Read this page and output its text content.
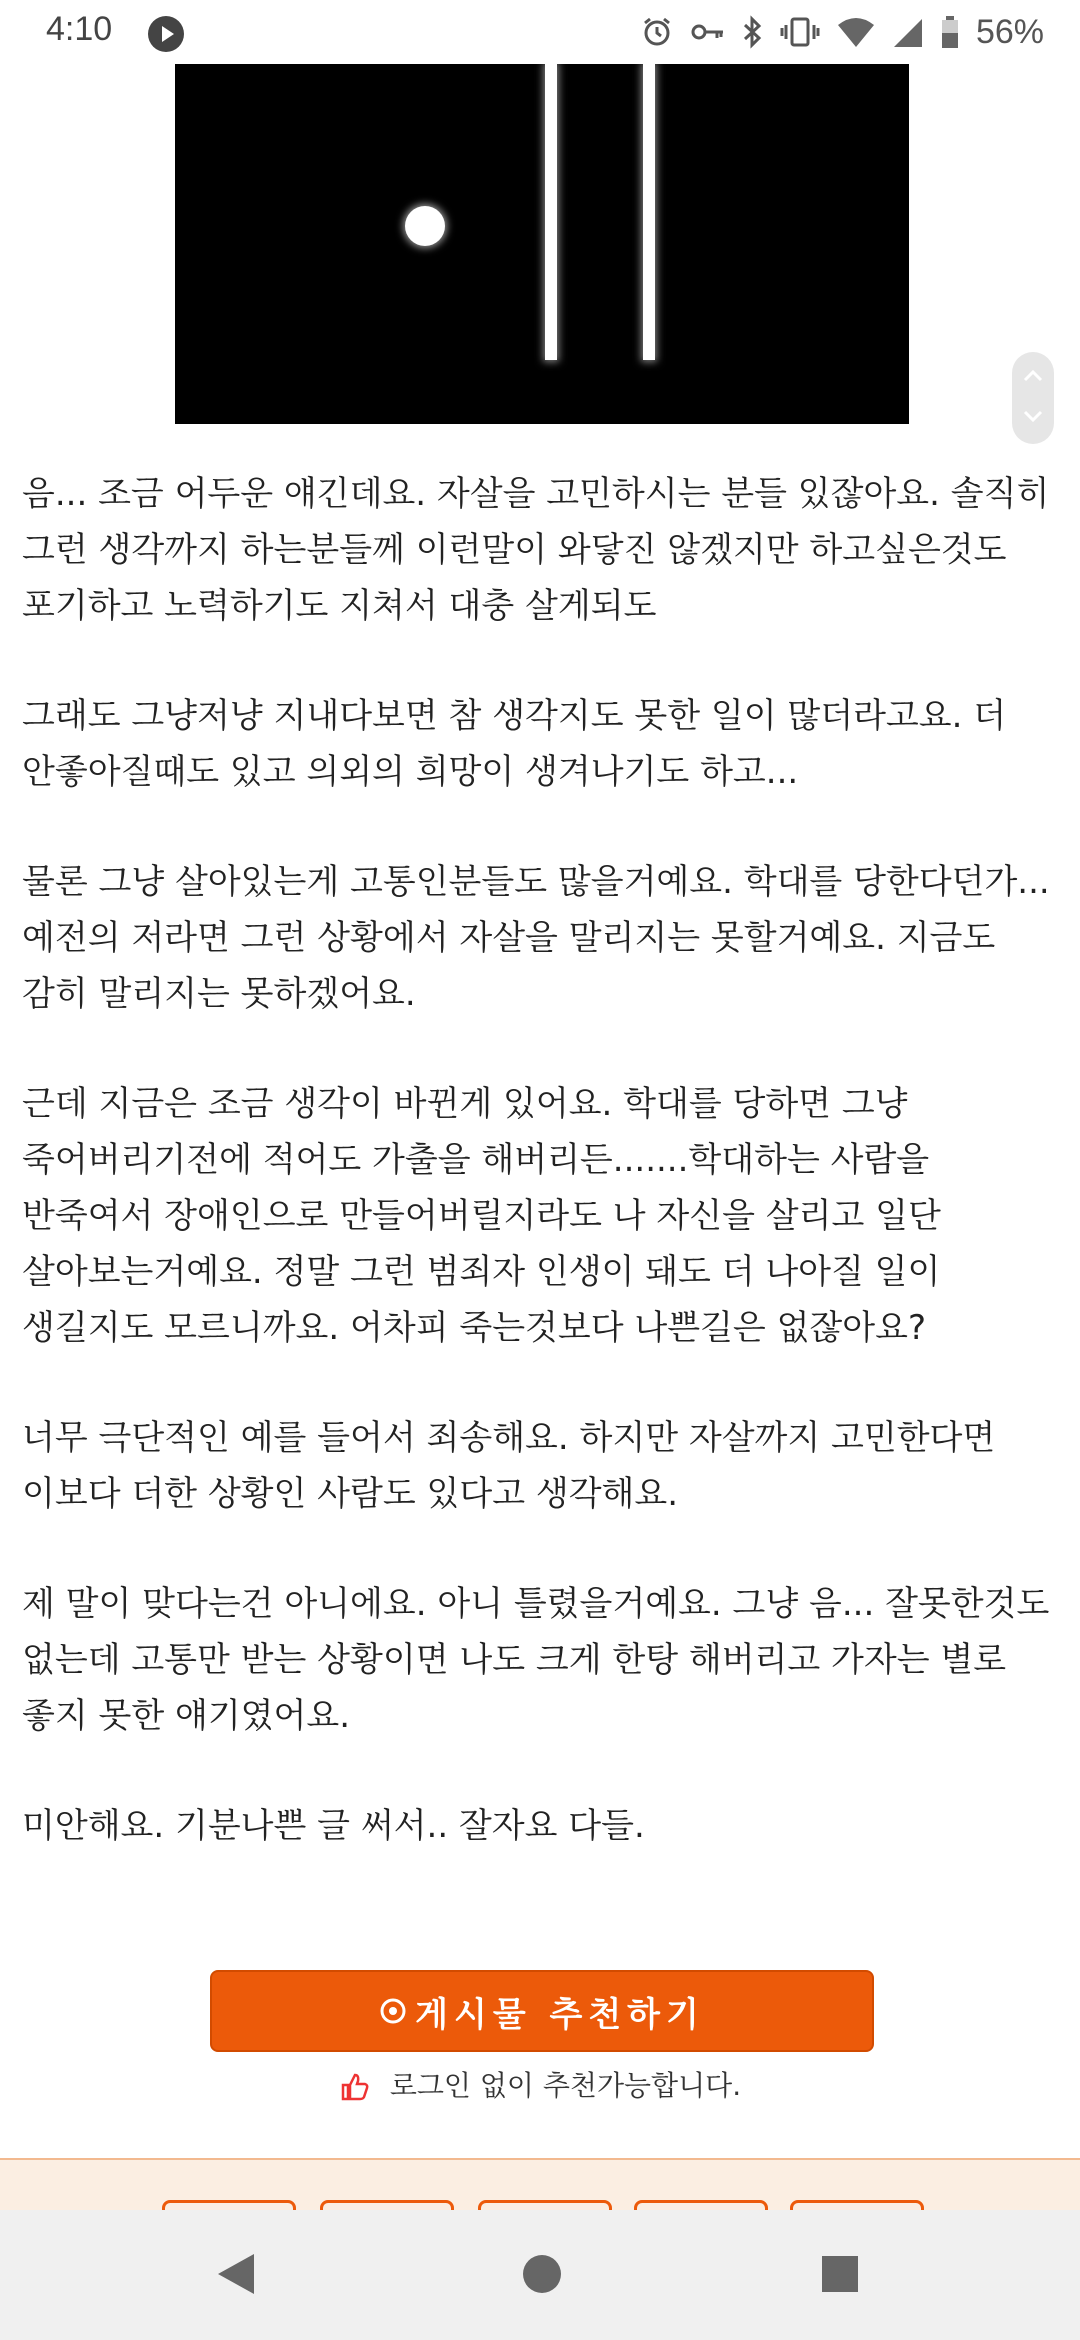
4:10	56%

음... 조금 어두운 얘긴데요. 자살을 고민하시는 분들 있잖아요. 솔직히 그런 생각까지 하는분들께 이런말이 와닿진 않겠지만 하고싶은것도 포기하고 노력하기도 지쳐서 대충 살게되도

그래도 그냥저냥 지내다보면 참 생각지도 못한 일이 많더라고요. 더 안좋아질때도 있고 의외의 희망이 생겨나기도 하고...

물론 그냥 살아있는게 고통인분들도 많을거예요. 학대를 당한다던가... 예전의 저라면 그런 상황에서 자살을 말리지는 못할거예요. 지금도 감히 말리지는 못하겠어요.

근데 지금은 조금 생각이 바뀐게 있어요. 학대를 당하면 그냥 죽어버리기전에 적어도 가출을 해버리든.......학대하는 사람을 반죽여서 장애인으로 만들어버릴지라도 나 자신을 살리고 일단 살아보는거예요. 정말 그런 범죄자 인생이 돼도 더 나아질 일이 생길지도 모르니까요. 어차피 죽는것보다 나쁜길은 없잖아요?

너무 극단적인 예를 들어서 죄송해요. 하지만 자살까지 고민한다면 이보다 더한 상황인 사람도 있다고 생각해요.

제 말이 맞다는건 아니에요. 아니 틀렸을거예요. 그냥 음... 잘못한것도 없는데 고통만 받는 상황이면 나도 크게 한탕 해버리고 가자는 별로 좋지 못한 얘기였어요.

미안해요. 기분나쁜 글 써서.. 잘자요 다들.

게시물 추천하기
로그인 없이 추천가능합니다.
